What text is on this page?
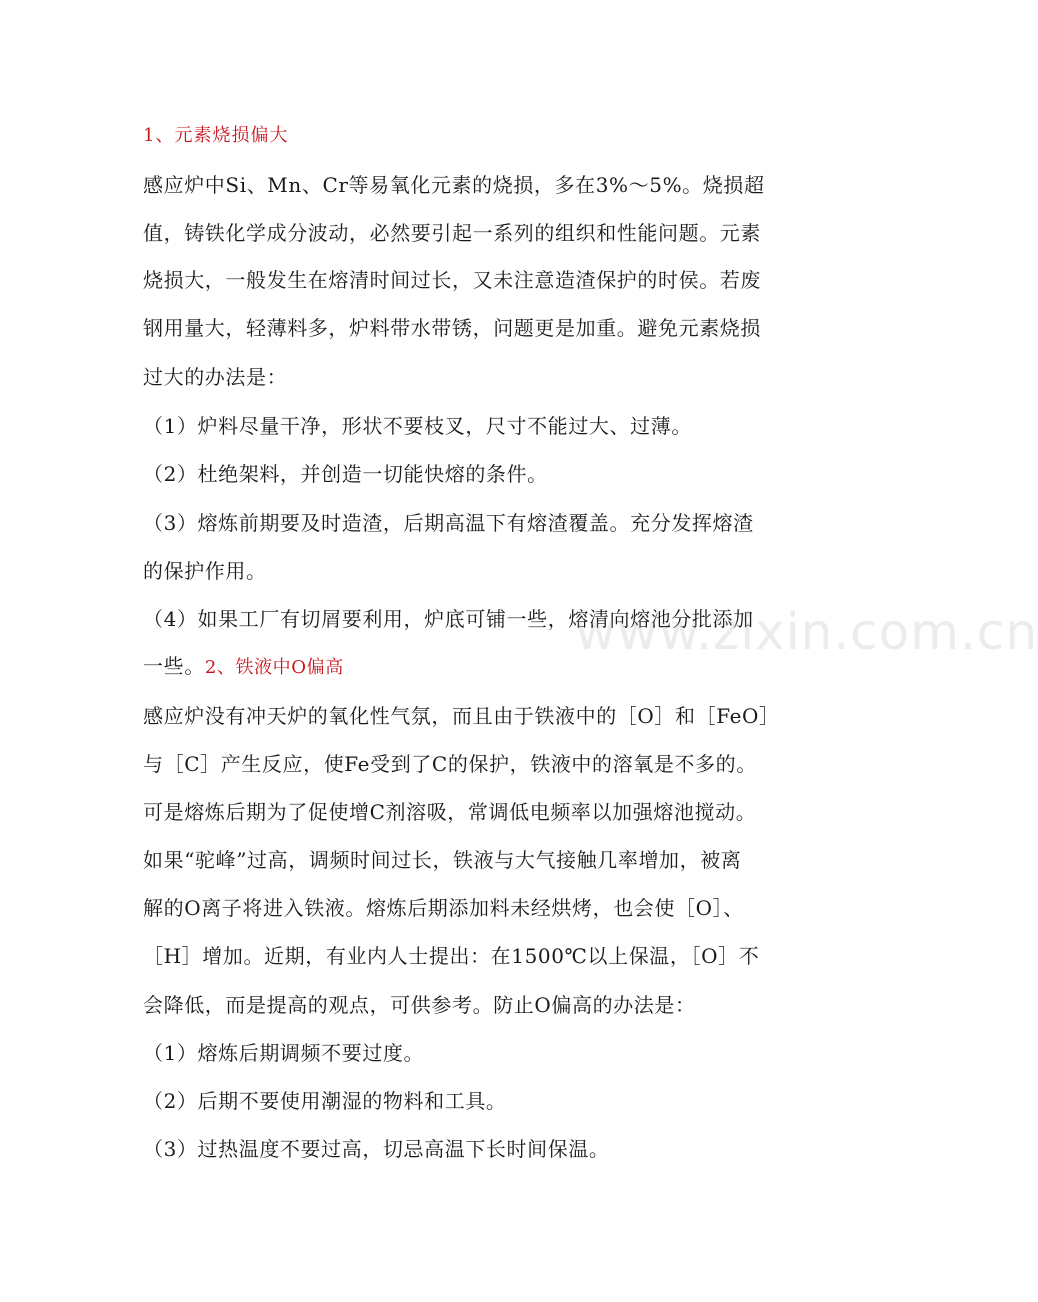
1、元素烧损偏大
感应炉中Si、Mn、Cr等易氧化元素的烧损，多在3%～5%。烧损超
值，铸铁化学成分波动，必然要引起一系列的组织和性能问题。元素
烧损大，一般发生在熔清时间过长，又未注意造渣保护的时侯。若废
钢用量大，轻薄料多，炉料带水带锈，问题更是加重。避免元素烧损
过大的办法是：
（1）炉料尽量干净，形状不要枝叉，尺寸不能过大、过薄。
（2）杜绝架料，并创造一切能快熔的条件。
（3）熔炼前期要及时造渣，后期高温下有熔渣覆盖。充分发挥熔渣
的保护作用。
（4）如果工厂有切屑要利用，炉底可铺一些，熔清向熔池分批添加
一些。2、铁液中O偏高
感应炉没有冲天炉的氧化性气氛，而且由于铁液中的［O］和［FeO］
与［C］产生反应，使Fe受到了C的保护，铁液中的溶氧是不多的。
可是熔炼后期为了促使增C剂溶吸，常调低电频率以加强熔池搅动。
如果“驼峰”过高，调频时间过长，铁液与大气接触几率增加，被离
解的O离子将进入铁液。熔炼后期添加料未经烘烤，也会使［O］、
［H］增加。近期，有业内人士提出：在1500℃以上保温，［O］不
会降低，而是提高的观点，可供参考。防止O偏高的办法是：
（1）熔炼后期调频不要过度。
（2）后期不要使用潮湿的物料和工具。
（3）过热温度不要过高，切忌高温下长时间保温。
www.zixin.com.cn
